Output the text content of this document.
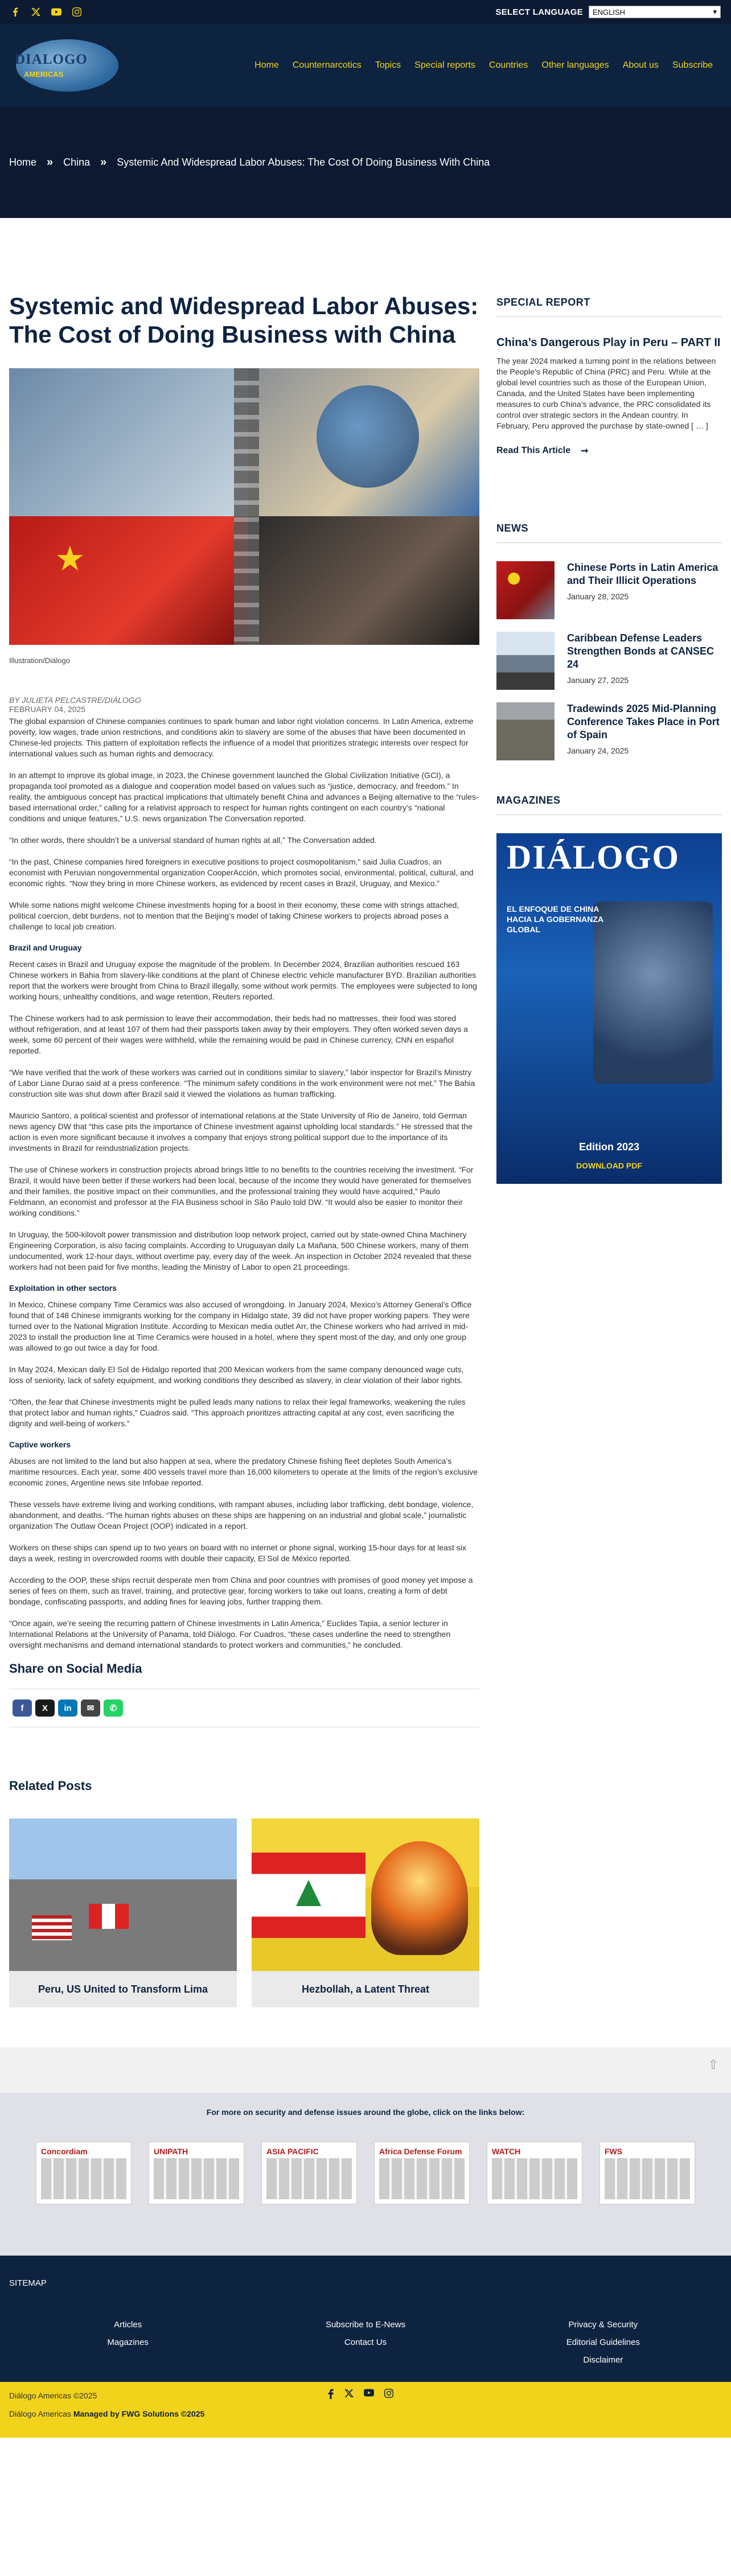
SELECT LANGUAGE ENGLISH	▾
DIALOGO
AMERICAS
Home Counternarcotics Topics Special reports Countries Other languages About us Subscribe
Home » China » Systemic And Widespread Labor Abuses: The Cost Of Doing Business With China
Systemic and Widespread Labor Abuses: The Cost of Doing Business with China
★
Illustration/Diálogo
BY JULIETA PELCASTRE/DIÁLOGO
FEBRUARY 04, 2025

The global expansion of Chinese companies continues to spark human and labor right violation concerns. In Latin America, extreme poverty, low wages, trade union restrictions, and conditions akin to slavery are some of the abuses that have been documented in Chinese-led projects. This pattern of exploitation reflects the influence of a model that prioritizes strategic interests over respect for international values such as human rights and democracy.

In an attempt to improve its global image, in 2023, the Chinese government launched the Global Civilization Initiative (GCI), a propaganda tool promoted as a dialogue and cooperation model based on values such as “justice, democracy, and freedom.” In reality, the ambiguous concept has practical implications that ultimately benefit China and advances a Beijing alternative to the “rules-based international order,” calling for a relativist approach to respect for human rights contingent on each country’s “national conditions and unique features,” U.S. news organization The Conversation reported.

“In other words, there shouldn’t be a universal standard of human rights at all,” The Conversation added.

“In the past, Chinese companies hired foreigners in executive positions to project cosmopolitanism,” said Julia Cuadros, an economist with Peruvian nongovernmental organization CooperAcción, which promotes social, environmental, political, cultural, and economic rights. “Now they bring in more Chinese workers, as evidenced by recent cases in Brazil, Uruguay, and Mexico.”

While some nations might welcome Chinese investments hoping for a boost in their economy, these come with strings attached, political coercion, debt burdens, not to mention that the Beijing’s model of taking Chinese workers to projects abroad poses a challenge to local job creation.

Brazil and Uruguay

Recent cases in Brazil and Uruguay expose the magnitude of the problem. In December 2024, Brazilian authorities rescued 163 Chinese workers in Bahia from slavery-like conditions at the plant of Chinese electric vehicle manufacturer BYD. Brazilian authorities report that the workers were brought from China to Brazil illegally, some without work permits. The employees were subjected to long working hours, unhealthy conditions, and wage retention, Reuters reported.

The Chinese workers had to ask permission to leave their accommodation, their beds had no mattresses, their food was stored without refrigeration, and at least 107 of them had their passports taken away by their employers. They often worked seven days a week, some 60 percent of their wages were withheld, while the remaining would be paid in Chinese currency, CNN en español reported.

“We have verified that the work of these workers was carried out in conditions similar to slavery,” labor inspector for Brazil’s Ministry of Labor Liane Durao said at a press conference. “The minimum safety conditions in the work environment were not met.” The Bahia construction site was shut down after Brazil said it viewed the violations as human trafficking.

Mauricio Santoro, a political scientist and professor of international relations at the State University of Rio de Janeiro, told German news agency DW that “this case pits the importance of Chinese investment against upholding local standards.” He stressed that the action is even more significant because it involves a company that enjoys strong political support due to the importance of its investments in Brazil for reindustrialization projects.

The use of Chinese workers in construction projects abroad brings little to no benefits to the countries receiving the investment. “For Brazil, it would have been better if these workers had been local, because of the income they would have generated for themselves and their families, the positive impact on their communities, and the professional training they would have acquired,” Paulo Feldmann, an economist and professor at the FIA Business school in São Paulo told DW. “It would also be easier to monitor their working conditions.”

In Uruguay, the 500-kilovolt power transmission and distribution loop network project, carried out by state-owned China Machinery Engineering Corporation, is also facing complaints. According to Uruguayan daily La Mañana, 500 Chinese workers, many of them undocumented, work 12-hour days, without overtime pay, every day of the week. An inspection in October 2024 revealed that these workers had not been paid for five months, leading the Ministry of Labor to open 21 proceedings.

Exploitation in other sectors

In Mexico, Chinese company Time Ceramics was also accused of wrongdoing. In January 2024, Mexico’s Attorney General’s Office found that of 148 Chinese immigrants working for the company in Hidalgo state, 39 did not have proper working papers. They were turned over to the National Migration Institute. According to Mexican media outlet Arr, the Chinese workers who had arrived in mid-2023 to install the production line at Time Ceramics were housed in a hotel, where they spent most of the day, and only one group was allowed to go out twice a day for food.

In May 2024, Mexican daily El Sol de Hidalgo reported that 200 Mexican workers from the same company denounced wage cuts, loss of seniority, lack of safety equipment, and working conditions they described as slavery, in clear violation of their labor rights.

“Often, the fear that Chinese investments might be pulled leads many nations to relax their legal frameworks, weakening the rules that protect labor and human rights,” Cuadros said. “This approach prioritizes attracting capital at any cost, even sacrificing the dignity and well-being of workers.”

Captive workers

Abuses are not limited to the land but also happen at sea, where the predatory Chinese fishing fleet depletes South America’s maritime resources. Each year, some 400 vessels travel more than 16,000 kilometers to operate at the limits of the region’s exclusive economic zones, Argentine news site Infobae reported.

These vessels have extreme living and working conditions, with rampant abuses, including labor trafficking, debt bondage, violence, abandonment, and deaths. “The human rights abuses on these ships are happening on an industrial and global scale,” journalistic organization The Outlaw Ocean Project (OOP) indicated in a report.

Workers on these ships can spend up to two years on board with no internet or phone signal, working 15-hour days for at least six days a week, resting in overcrowded rooms with double their capacity, El Sol de México reported.

According to the OOP, these ships recruit desperate men from China and poor countries with promises of good money yet impose a series of fees on them, such as travel, training, and protective gear, forcing workers to take out loans, creating a form of debt bondage, confiscating passports, and adding fines for leaving jobs, further trapping them.

“Once again, we’re seeing the recurring pattern of Chinese investments in Latin America,” Euclides Tapia, a senior lecturer in International Relations at the University of Panama, told Diálogo. For Cuadros, “these cases underline the need to strengthen oversight mechanisms and demand international standards to protect workers and communities,” he concluded.

Share on Social Media
f X in ✉ ✆
Related Posts
Peru, US United to Transform Lima	Hezbollah, a Latent Threat
SPECIAL REPORT
China’s Dangerous Play in Peru – PART II
The year 2024 marked a turning point in the relations between the People’s Republic of China (PRC) and Peru. While at the global level countries such as those of the European Union, Canada, and the United States have been implementing measures to curb China’s advance, the PRC consolidated its control over strategic sectors in the Andean country. In February, Peru approved the purchase by state-owned [ … ]
Read This Article ➞
NEWS
Chinese Ports in Latin America and Their Illicit Operations
January 28, 2025
Caribbean Defense Leaders Strengthen Bonds at CANSEC 24
January 27, 2025
Tradewinds 2025 Mid-Planning Conference Takes Place in Port of Spain
January 24, 2025
MAGAZINES
DIÁLOGO
EL ENFOQUE DE CHINA HACIA LA GOBERNANZA GLOBAL
Edition 2023
DOWNLOAD PDF
⇧
For more on security and defense issues around the globe, click on the links below:
Concordiam	UNIPATH	ASIA PACIFIC	Africa Defense Forum	WATCH	FWS
SITEMAP
Articles
Magazines
Subscribe to E-News
Contact Us
Privacy & Security
Editorial Guidelines
Disclaimer
Diálogo Americas ©2025
Diálogo Americas Managed by FWG Solutions ©2025
